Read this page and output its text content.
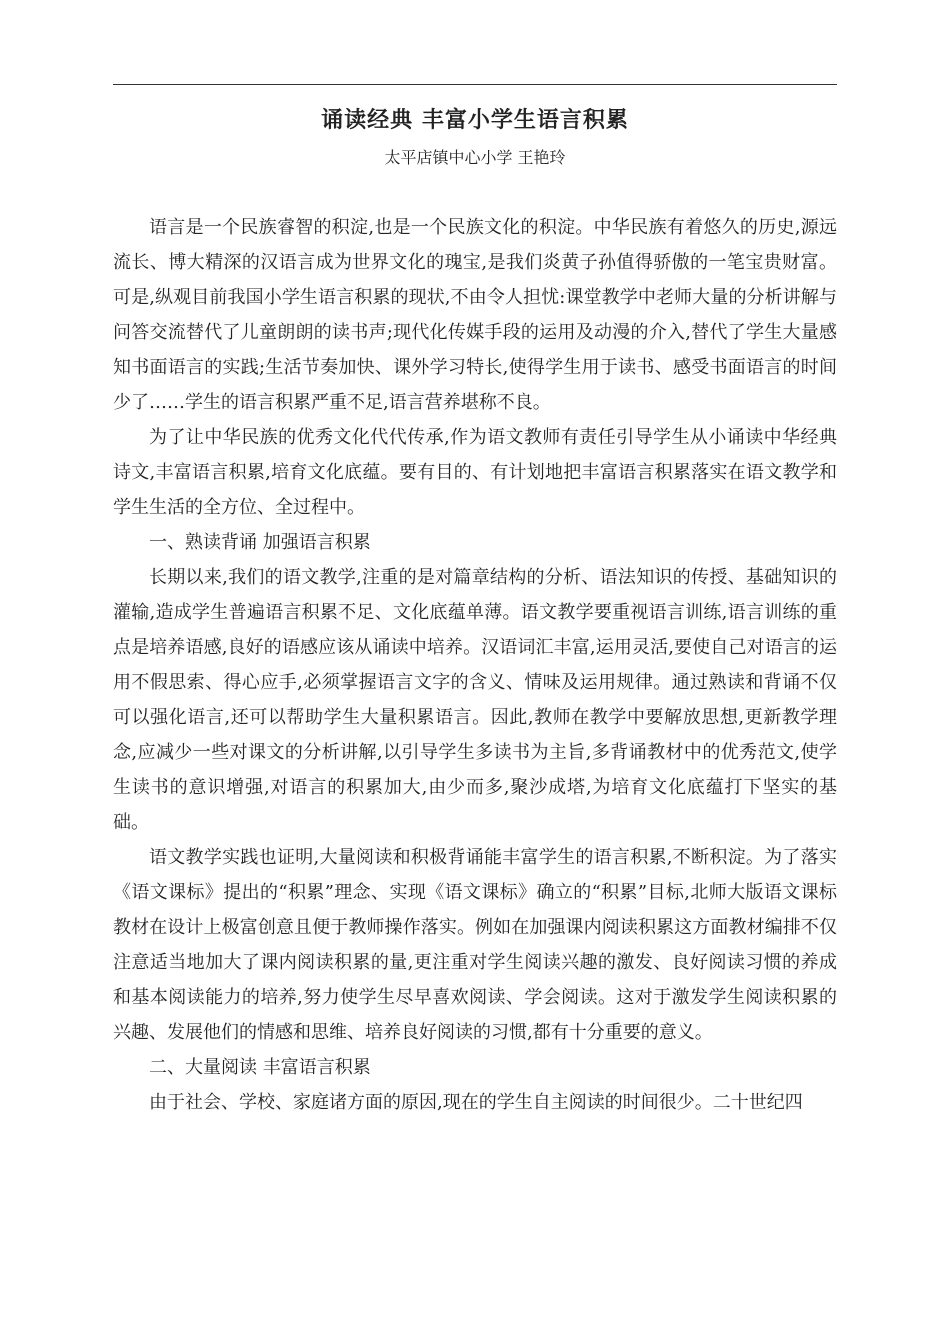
诵读经典 丰富小学生语言积累
太平店镇中心小学 王艳玲

语言是一个民族睿智的积淀,也是一个民族文化的积淀。中华民族有着悠久的历史,源远流长、博大精深的汉语言成为世界文化的瑰宝,是我们炎黄子孙值得骄傲的一笔宝贵财富。可是,纵观目前我国小学生语言积累的现状,不由令人担忧:课堂教学中老师大量的分析讲解与问答交流替代了儿童朗朗的读书声;现代化传媒手段的运用及动漫的介入,替代了学生大量感知书面语言的实践;生活节奏加快、课外学习特长,使得学生用于读书、感受书面语言的时间少了……学生的语言积累严重不足,语言营养堪称不良。

为了让中华民族的优秀文化代代传承,作为语文教师有责任引导学生从小诵读中华经典诗文,丰富语言积累,培育文化底蕴。要有目的、有计划地把丰富语言积累落实在语文教学和学生生活的全方位、全过程中。

一、熟读背诵 加强语言积累

长期以来,我们的语文教学,注重的是对篇章结构的分析、语法知识的传授、基础知识的灌输,造成学生普遍语言积累不足、文化底蕴单薄。语文教学要重视语言训练,语言训练的重点是培养语感,良好的语感应该从诵读中培养。汉语词汇丰富,运用灵活,要使自己对语言的运用不假思索、得心应手,必须掌握语言文字的含义、情味及运用规律。通过熟读和背诵不仅可以强化语言,还可以帮助学生大量积累语言。因此,教师在教学中要解放思想,更新教学理念,应减少一些对课文的分析讲解,以引导学生多读书为主旨,多背诵教材中的优秀范文,使学生读书的意识增强,对语言的积累加大,由少而多,聚沙成塔,为培育文化底蕴打下坚实的基础。

语文教学实践也证明,大量阅读和积极背诵能丰富学生的语言积累,不断积淀。为了落实《语文课标》提出的“积累”理念、实现《语文课标》确立的“积累”目标,北师大版语文课标教材在设计上极富创意且便于教师操作落实。例如在加强课内阅读积累这方面教材编排不仅注意适当地加大了课内阅读积累的量,更注重对学生阅读兴趣的激发、良好阅读习惯的养成和基本阅读能力的培养,努力使学生尽早喜欢阅读、学会阅读。这对于激发学生阅读积累的兴趣、发展他们的情感和思维、培养良好阅读的习惯,都有十分重要的意义。

二、大量阅读 丰富语言积累

由于社会、学校、家庭诸方面的原因,现在的学生自主阅读的时间很少。二十世纪四
